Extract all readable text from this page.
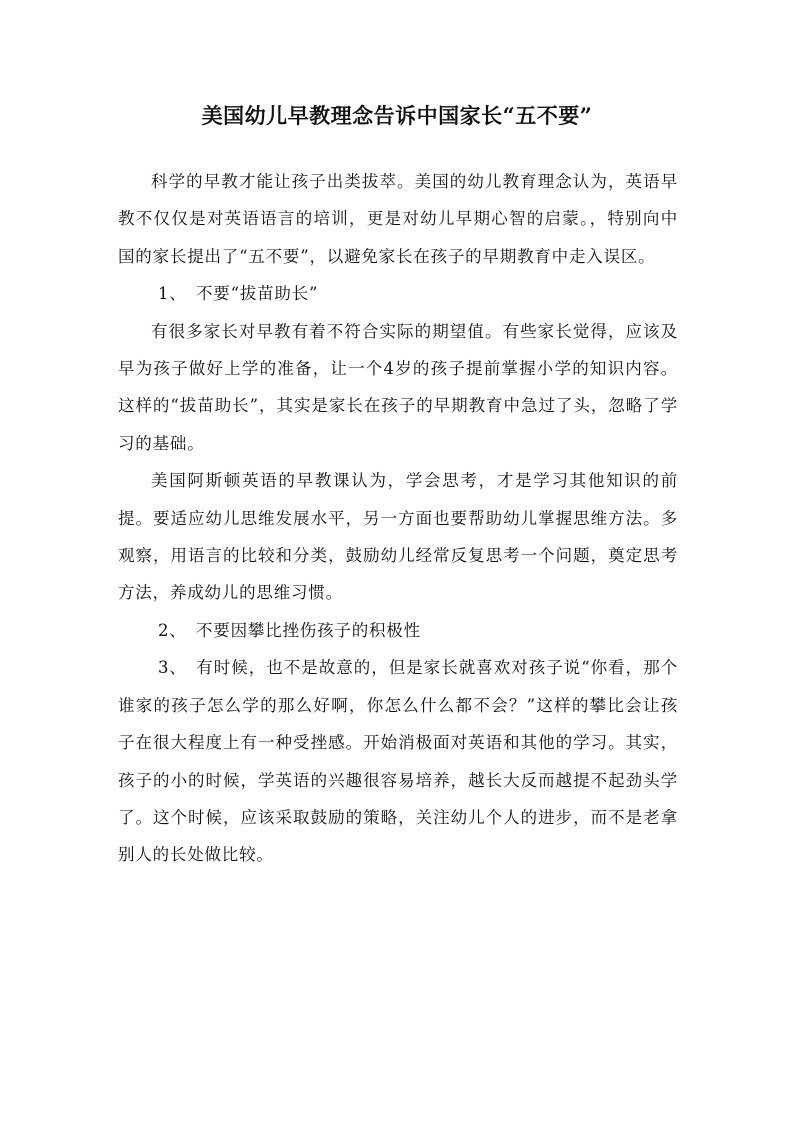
美国幼儿早教理念告诉中国家长“五不要”

科学的早教才能让孩子出类拔萃。美国的幼儿教育理念认为，英语早教不仅仅是对英语语言的培训，更是对幼儿早期心智的启蒙。，特别向中国的家长提出了“五不要”，以避免家长在孩子的早期教育中走入误区。

1、 不要“拔苗助长”

有很多家长对早教有着不符合实际的期望值。有些家长觉得，应该及早为孩子做好上学的准备，让一个4岁的孩子提前掌握小学的知识内容。这样的“拔苗助长”，其实是家长在孩子的早期教育中急过了头，忽略了学习的基础。

美国阿斯顿英语的早教课认为，学会思考，才是学习其他知识的前提。要适应幼儿思维发展水平，另一方面也要帮助幼儿掌握思维方法。多观察，用语言的比较和分类，鼓励幼儿经常反复思考一个问题，奠定思考方法，养成幼儿的思维习惯。

2、 不要因攀比挫伤孩子的积极性

3、 有时候，也不是故意的，但是家长就喜欢对孩子说“你看，那个谁家的孩子怎么学的那么好啊，你怎么什么都不会？”这样的攀比会让孩子在很大程度上有一种受挫感。开始消极面对英语和其他的学习。其实，孩子的小的时候，学英语的兴趣很容易培养，越长大反而越提不起劲头学了。这个时候，应该采取鼓励的策略，关注幼儿个人的进步，而不是老拿别人的长处做比较。
